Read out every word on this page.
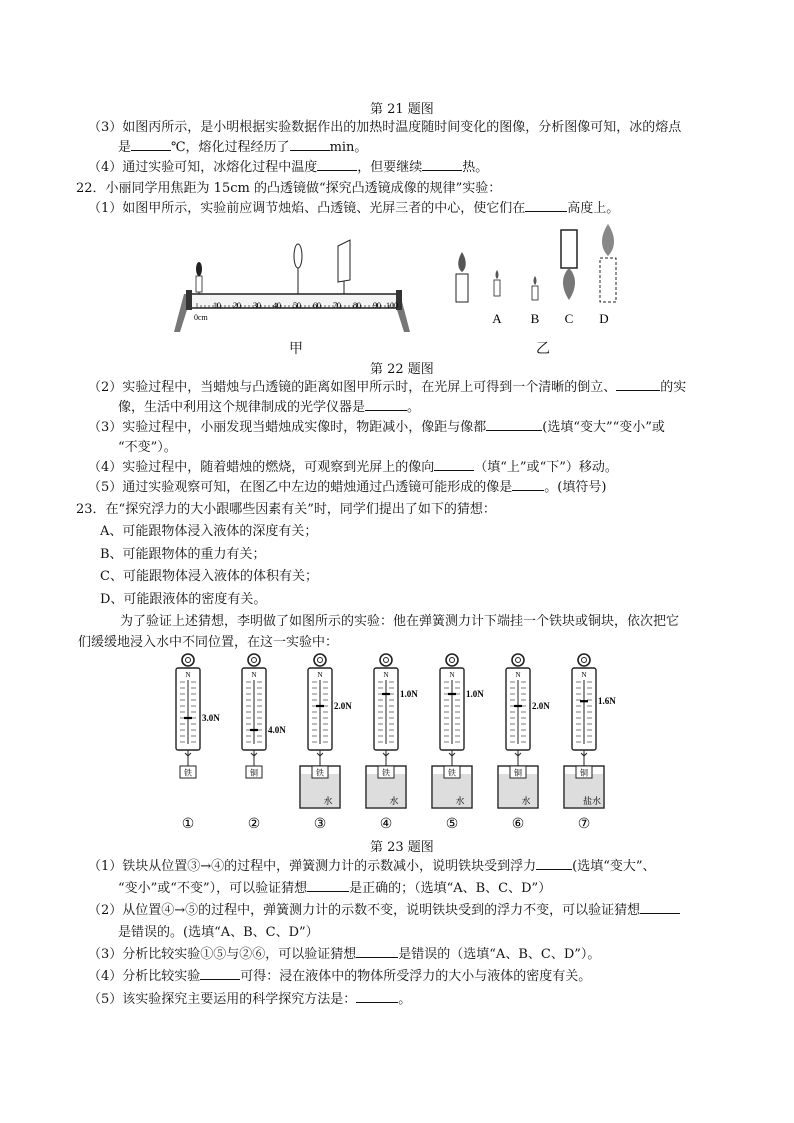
第 21 题图
（3）如图丙所示，是小明根据实验数据作出的加热时温度随时间变化的图像，分析图像可知，冰的熔点
是	℃，熔化过程经历了	min。
（4）通过实验可知，冰熔化过程中温度	，但要继续	热。
22．小丽同学用焦距为 15cm 的凸透镜做“探究凸透镜成像的规律”实验：
（1）如图甲所示，实验前应调节烛焰、凸透镜、光屏三者的中心，使它们在	高度上。
0cm
10 20 30 40 50 60 70 80 90 100
甲
A B C D
乙
第 22 题图
（2）实验过程中，当蜡烛与凸透镜的距离如图甲所示时，在光屏上可得到一个清晰的倒立、	的实
像，生活中利用这个规律制成的光学仪器是	。
（3）实验过程中，小丽发现当蜡烛成实像时，物距减小，像距与像都	(选填“变大”“变小”或
“不变”）。
（4）实验过程中，随着蜡烛的燃烧，可观察到光屏上的像向	（填“上”或“下”）移动。
（5）通过实验观察可知，在图乙中左边的蜡烛通过凸透镜可能形成的像是 。(填符号)
23．在“探究浮力的大小跟哪些因素有关”时，同学们提出了如下的猜想：
A、可能跟物体浸入液体的深度有关；
B、可能跟物体的重力有关；
C、可能跟物体浸入液体的体积有关；
D、可能跟液体的密度有关。
为了验证上述猜想，李明做了如图所示的实验：他在弹簧测力计下端挂一个铁块或铜块，依次把它
们缓缓地浸入水中不同位置，在这一实验中：
N
3.0N
铁
①
N
4.0N
铜
②
N
2.0N
水
铁
③
N
1.0N
水
铁
④
N
1.0N
水
铁
⑤
N
2.0N
水
铜
⑥
N
1.6N
盐水
铜
⑦
第 23 题图
（1）铁块从位置③→④的过程中，弹簧测力计的示数减小，说明铁块受到浮力	(选填“变大”、
“变小”或“不变”），可以验证猜想	是正确的；（选填“A、B、C、D”）
（2）从位置④→⑤的过程中，弹簧测力计的示数不变，说明铁块受到的浮力不变，可以验证猜想
是错误的。(选填“A、B、C、D”）
（3）分析比较实验①⑤与②⑥，可以验证猜想	是错误的（选填“A、B、C、D”）。
（4）分析比较实验	可得：浸在液体中的物体所受浮力的大小与液体的密度有关。
（5）该实验探究主要运用的科学探究方法是：	。
